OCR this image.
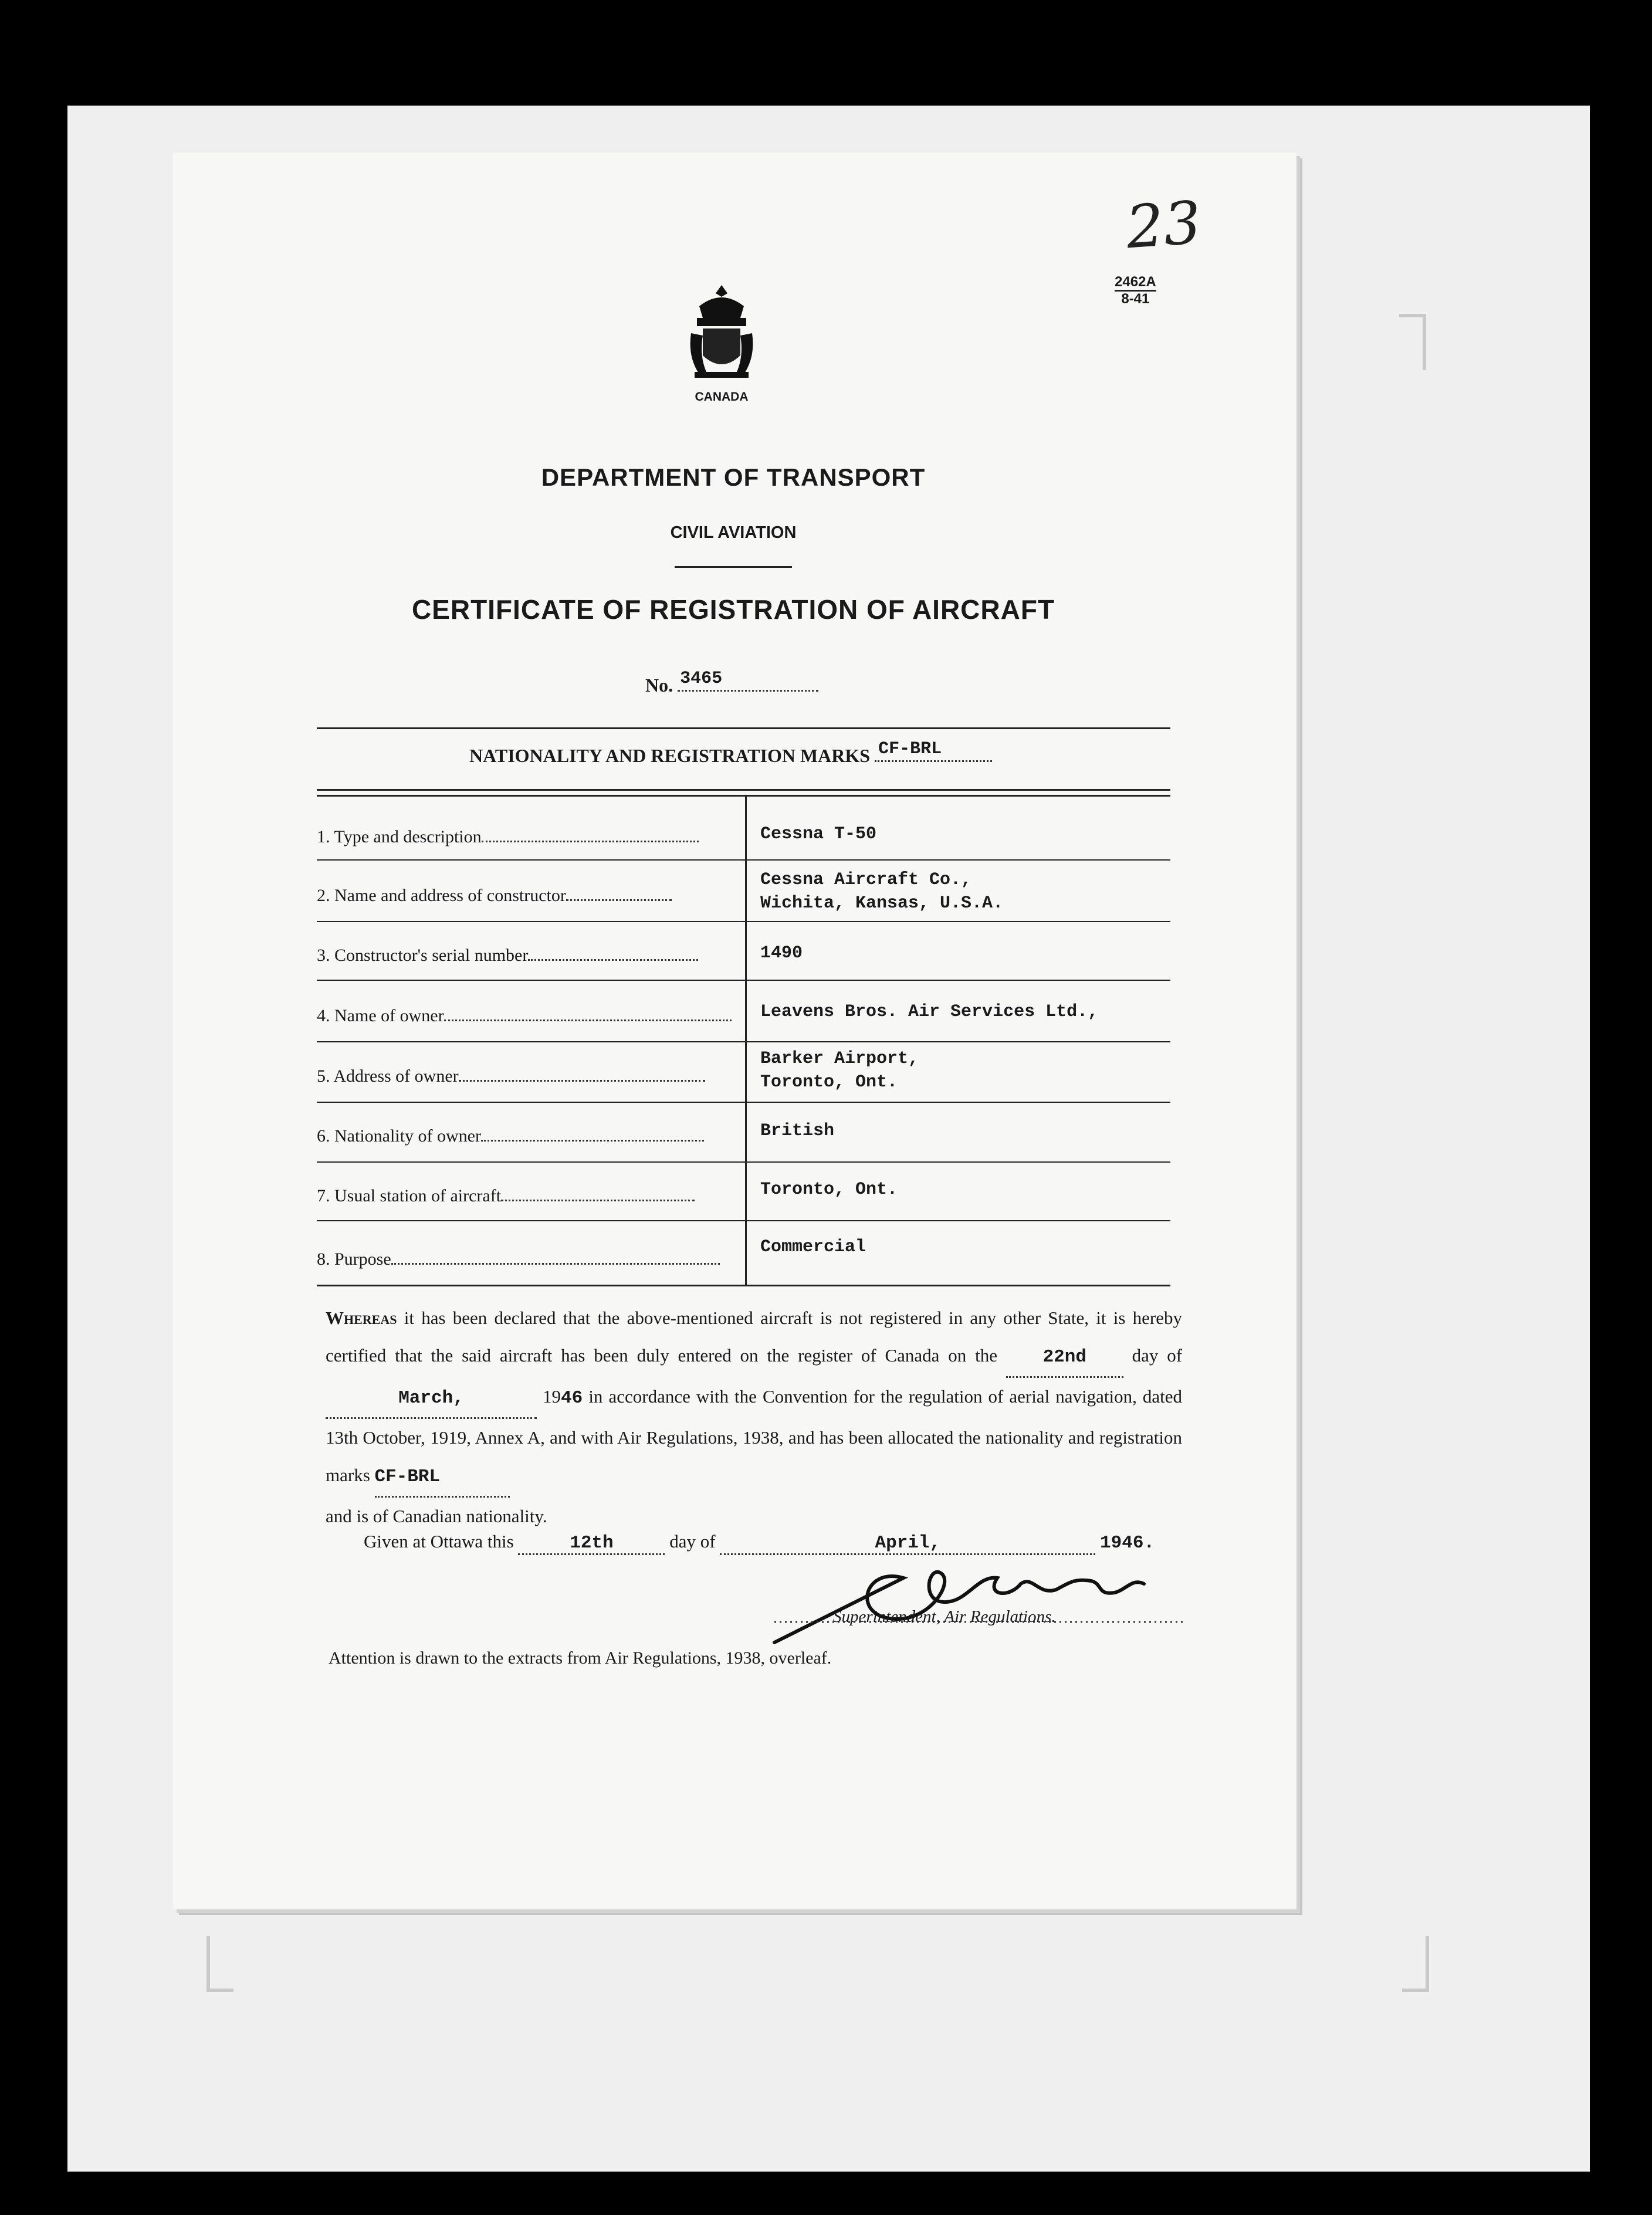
23
2462A
8-41
CANADA
DEPARTMENT OF TRANSPORT
CIVIL AVIATION
CERTIFICATE OF REGISTRATION OF AIRCRAFT
No. 3465
NATIONALITY AND REGISTRATION MARKS CF-BRL
1. Type and description	Cessna T-50
2. Name and address of constructor
Cessna Aircraft Co.,
Wichita, Kansas, U.S.A.
3. Constructor's serial number	1490
4. Name of owner	Leavens Bros. Air Services Ltd.,
5. Address of owner
Barker Airport,
Toronto, Ont.
6. Nationality of owner	British
7. Usual station of aircraft	Toronto, Ont.
8. Purpose
Commercial
Whereas it has been declared that the above-mentioned aircraft is not registered in any other State, it is hereby certified that the said aircraft has been duly entered on the register of Canada on the	22nd	day of March,	1946 in accordance with the Convention for the regulation of aerial navigation, dated 13th October, 1919, Annex A, and with Air Regulations, 1938, and has been allocated the nationality and registration marks CF-BRL
and is of Canadian nationality.
Given at Ottawa this	12th	day of	April,	1946.
Superintendent, Air Regulations.
Attention is drawn to the extracts from Air Regulations, 1938, overleaf.
